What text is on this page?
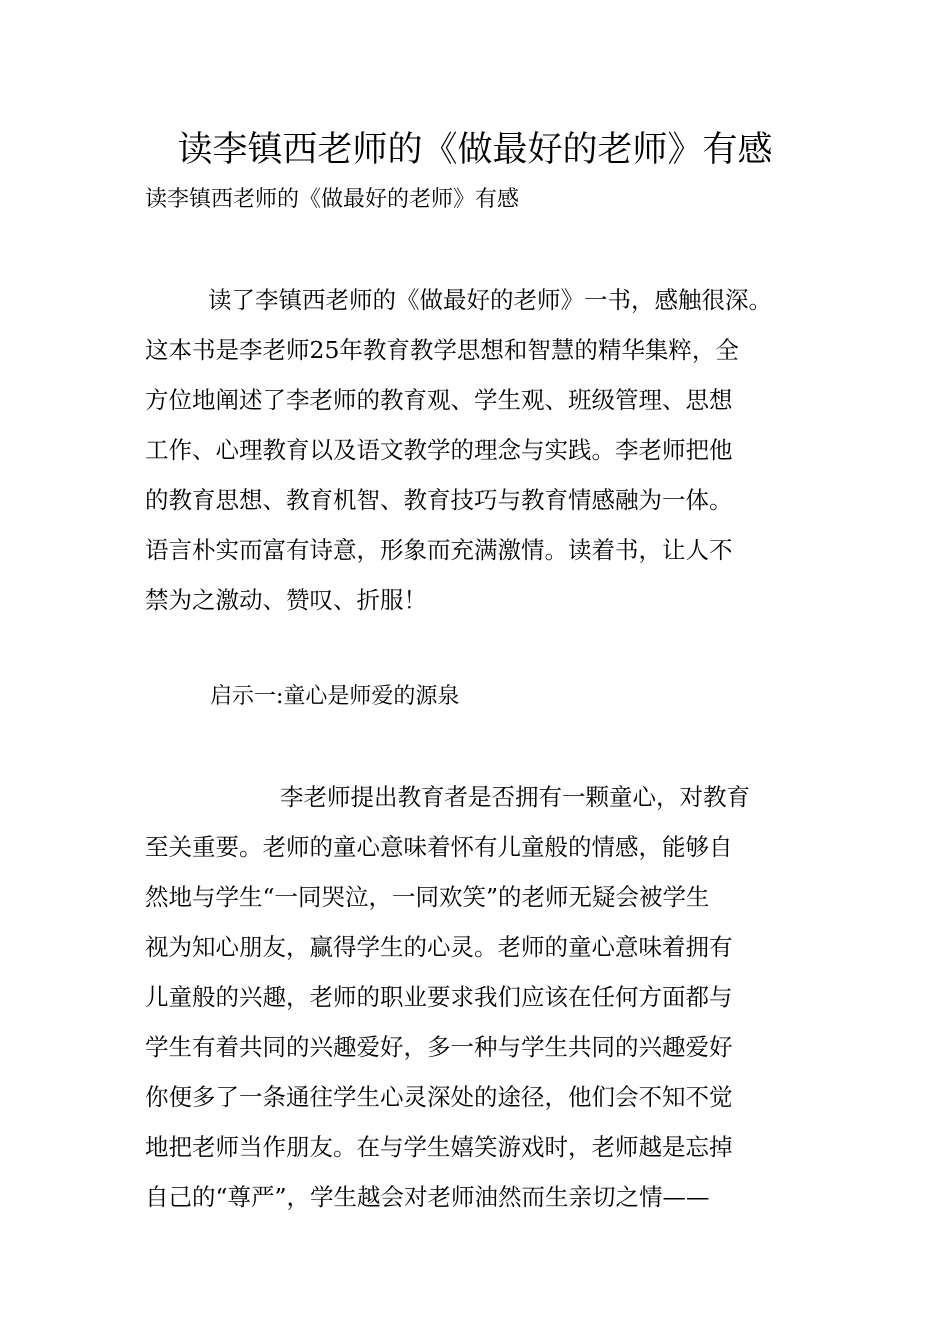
读李镇西老师的《做最好的老师》有感

读李镇西老师的《做最好的老师》有感

读了李镇西老师的《做最好的老师》一书，感触很深。

这本书是李老师25年教育教学思想和智慧的精华集粹，全

方位地阐述了李老师的教育观、学生观、班级管理、思想

工作、心理教育以及语文教学的理念与实践。李老师把他

的教育思想、教育机智、教育技巧与教育情感融为一体。

语言朴实而富有诗意，形象而充满激情。读着书，让人不

禁为之激动、赞叹、折服！

启示一:童心是师爱的源泉

李老师提出教育者是否拥有一颗童心，对教育

至关重要。老师的童心意味着怀有儿童般的情感，能够自

然地与学生“一同哭泣，一同欢笑”的老师无疑会被学生

视为知心朋友，赢得学生的心灵。老师的童心意味着拥有

儿童般的兴趣，老师的职业要求我们应该在任何方面都与

学生有着共同的兴趣爱好，多一种与学生共同的兴趣爱好

你便多了一条通往学生心灵深处的途径，他们会不知不觉

地把老师当作朋友。在与学生嬉笑游戏时，老师越是忘掉

自己的“尊严”，学生越会对老师油然而生亲切之情——
